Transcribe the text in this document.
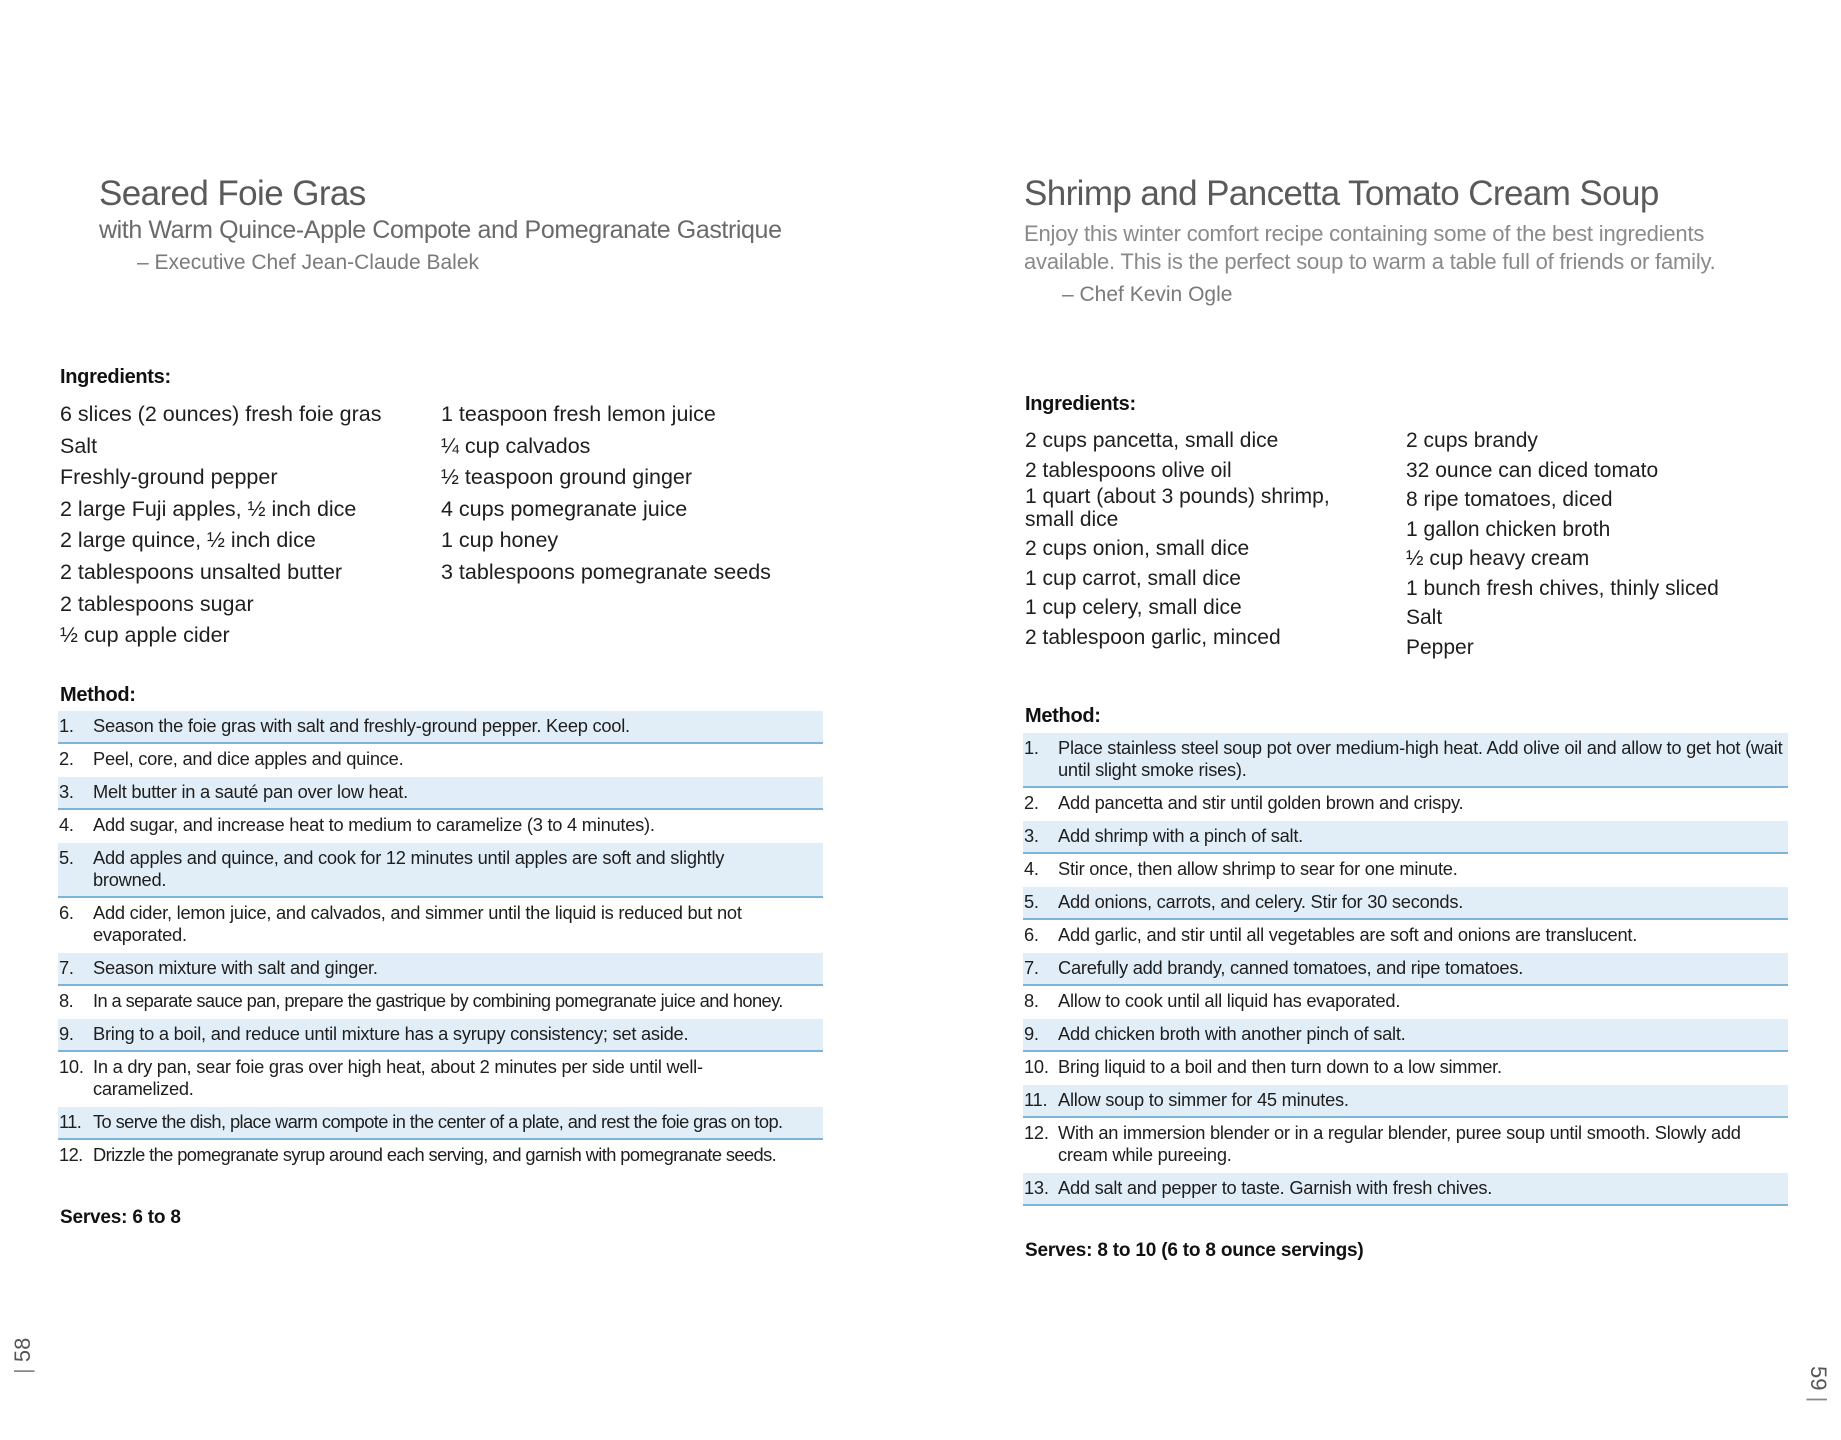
Seared Foie Gras

with Warm Quince-Apple Compote and Pomegranate Gastrique

– Executive Chef Jean-Claude Balek

Ingredients:
6 slices (2 ounces) fresh foie gras
Salt
Freshly-ground pepper
2 large Fuji apples, ½ inch dice
2 large quince, ½ inch dice
2 tablespoons unsalted butter
2 tablespoons sugar
½ cup apple cider
1 teaspoon fresh lemon juice
¼ cup calvados
½ teaspoon ground ginger
4 cups pomegranate juice
1 cup honey
3 tablespoons pomegranate seeds
Method:
1. Season the foie gras with salt and freshly-ground pepper. Keep cool.
2. Peel, core, and dice apples and quince.
3. Melt butter in a sauté pan over low heat.
4. Add sugar, and increase heat to medium to caramelize (3 to 4 minutes).
5. Add apples and quince, and cook for 12 minutes until apples are soft and slightly browned.
6. Add cider, lemon juice, and calvados, and simmer until the liquid is reduced but not evaporated.
7. Season mixture with salt and ginger.
8. In a separate sauce pan, prepare the gastrique by combining pomegranate juice and honey.
9. Bring to a boil, and reduce until mixture has a syrupy consistency; set aside.
10. In a dry pan, sear foie gras over high heat, about 2 minutes per side until well-caramelized.
11. To serve the dish, place warm compote in the center of a plate, and rest the foie gras on top.
12. Drizzle the pomegranate syrup around each serving, and garnish with pomegranate seeds.

Serves: 6 to 8

| 58
Shrimp and Pancetta Tomato Cream Soup

Enjoy this winter comfort recipe containing some of the best ingredients available. This is the perfect soup to warm a table full of friends or family.

– Chef Kevin Ogle

Ingredients:
2 cups pancetta, small dice
2 tablespoons olive oil
1 quart (about 3 pounds) shrimp, small dice
2 cups onion, small dice
1 cup carrot, small dice
1 cup celery, small dice
2 tablespoon garlic, minced
2 cups brandy
32 ounce can diced tomato
8 ripe tomatoes, diced
1 gallon chicken broth
½ cup heavy cream
1 bunch fresh chives, thinly sliced
Salt
Pepper
Method:
1. Place stainless steel soup pot over medium-high heat. Add olive oil and allow to get hot (wait until slight smoke rises).
2. Add pancetta and stir until golden brown and crispy.
3. Add shrimp with a pinch of salt.
4. Stir once, then allow shrimp to sear for one minute.
5. Add onions, carrots, and celery. Stir for 30 seconds.
6. Add garlic, and stir until all vegetables are soft and onions are translucent.
7. Carefully add brandy, canned tomatoes, and ripe tomatoes.
8. Allow to cook until all liquid has evaporated.
9. Add chicken broth with another pinch of salt.
10. Bring liquid to a boil and then turn down to a low simmer.
11. Allow soup to simmer for 45 minutes.
12. With an immersion blender or in a regular blender, puree soup until smooth. Slowly add cream while pureeing.
13. Add salt and pepper to taste. Garnish with fresh chives.

Serves: 8 to 10 (6 to 8 ounce servings)

59 |
